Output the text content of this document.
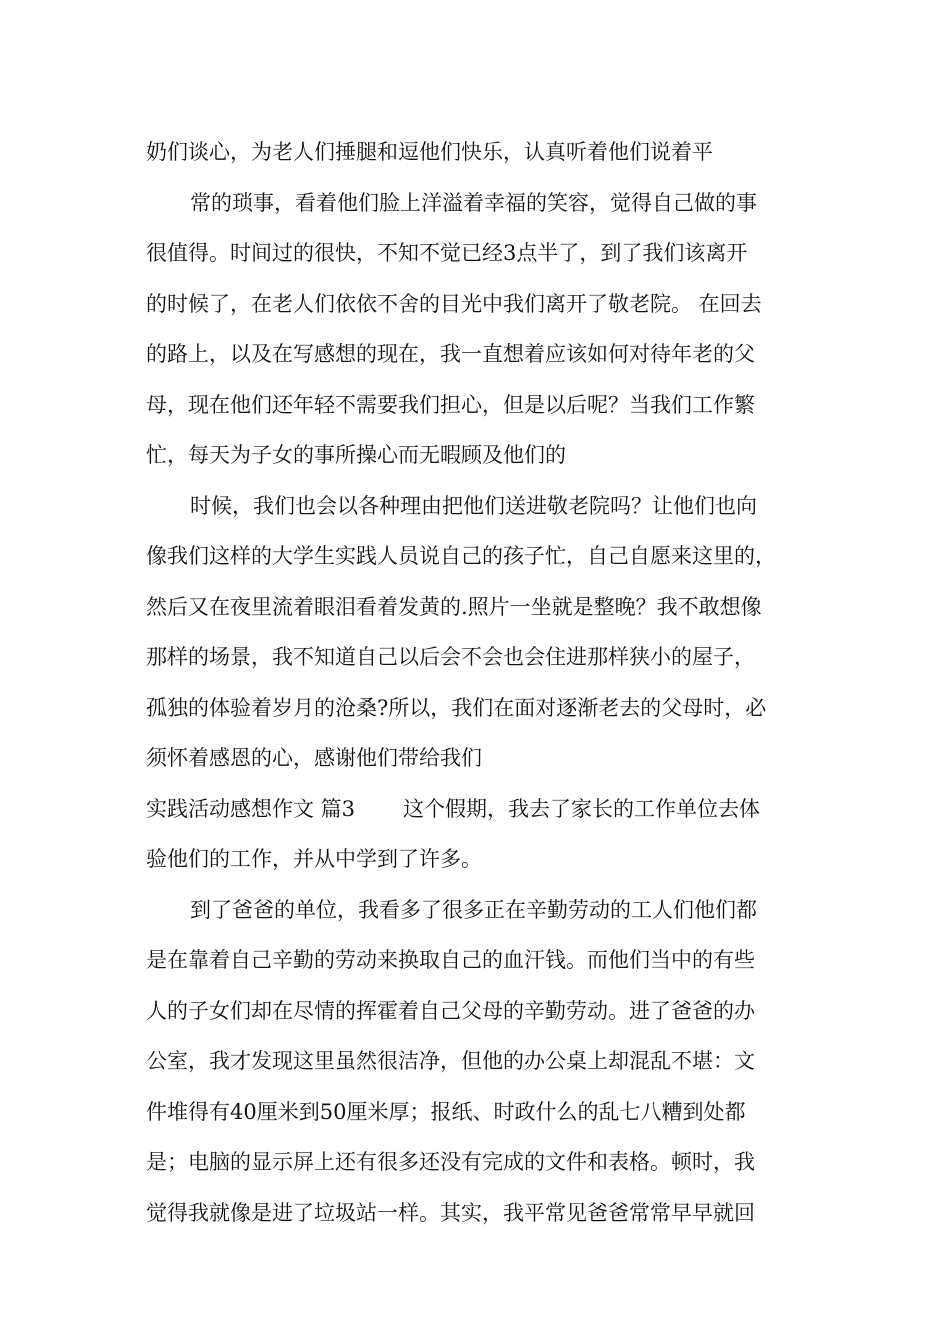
奶们谈心，为老人们捶腿和逗他们快乐，认真听着他们说着平
常的琐事，看着他们脸上洋溢着幸福的笑容，觉得自己做的事
很值得。时间过的很快，不知不觉已经3点半了，到了我们该离开
的时候了，在老人们依依不舍的目光中我们离开了敬老院。 在回去
的路上，以及在写感想的现在，我一直想着应该如何对待年老的父
母，现在他们还年轻不需要我们担心，但是以后呢？当我们工作繁
忙，每天为子女的事所操心而无暇顾及他们的
时候，我们也会以各种理由把他们送进敬老院吗？让他们也向
像我们这样的大学生实践人员说自己的孩子忙，自己自愿来这里的，
然后又在夜里流着眼泪看着发黄的.照片一坐就是整晚？我不敢想像
那样的场景，我不知道自己以后会不会也会住进那样狭小的屋子，
孤独的体验着岁月的沧桑?所以，我们在面对逐渐老去的父母时，必
须怀着感恩的心，感谢他们带给我们
实践活动感想作文 篇3 这个假期，我去了家长的工作单位去体
验他们的工作，并从中学到了许多。
到了爸爸的单位，我看多了很多正在辛勤劳动的工人们他们都
是在靠着自己辛勤的劳动来换取自己的血汗钱。而他们当中的有些
人的子女们却在尽情的挥霍着自己父母的辛勤劳动。进了爸爸的办
公室，我才发现这里虽然很洁净，但他的办公桌上却混乱不堪：文
件堆得有40厘米到50厘米厚；报纸、时政什么的乱七八糟到处都
是；电脑的显示屏上还有很多还没有完成的文件和表格。顿时，我
觉得我就像是进了垃圾站一样。其实，我平常见爸爸常常早早就回
